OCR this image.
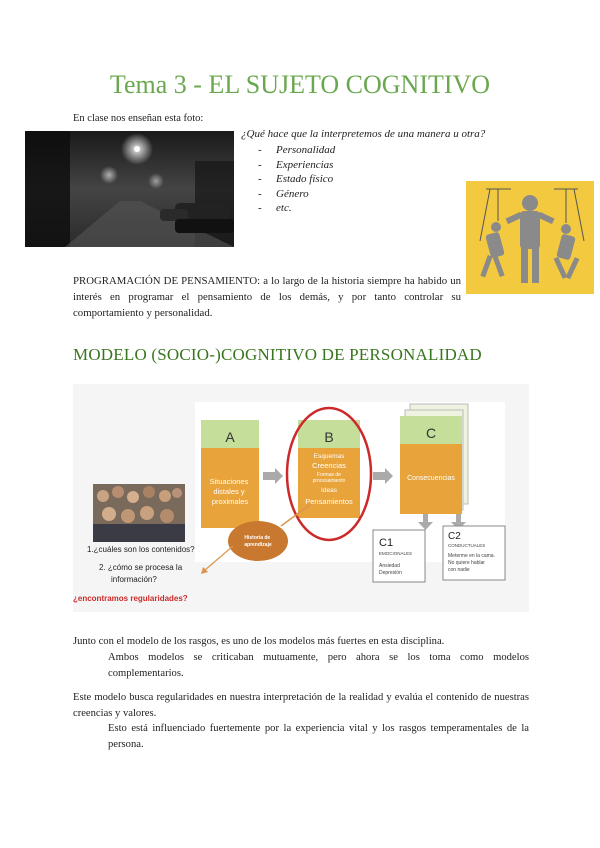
Tema 3 - EL SUJETO COGNITIVO
En clase nos enseñan esta foto:
¿Qué hace que la interpretemos de una manera u otra?
- Personalidad
- Experiencias
- Estado físico
- Género
- etc.
PROGRAMACIÓN DE PENSAMIENTO: a lo largo de la historia siempre ha habido un interés en programar el pensamiento de los demás, y por tanto controlar su comportamiento y personalidad.
MODELO (SOCIO-)COGNITIVO DE PERSONALIDAD
A
Situaciones distales y proximales
B
Esquemas
Creencias
Formas de
procesamiento
Ideas
Pensamientos
C
Consecuencias
C1
EMOCIONALES
Ansiedad Depresión
C2
CONDUCTUALES
Meterme en la cama. No quiere hablar con nadie
Historia de aprendizaje
1.¿cuáles son los contenidos?
2. ¿cómo se procesa la
información?
¿encontramos regularidades?
Junto con el modelo de los rasgos, es uno de los modelos más fuertes en esta disciplina.
Ambos modelos se criticaban mutuamente, pero ahora se los toma como modelos complementarios.
Este modelo busca regularidades en nuestra interpretación de la realidad y evalúa el contenido de nuestras creencias y valores.
Esto está influenciado fuertemente por la experiencia vital y los rasgos temperamentales de la persona.
